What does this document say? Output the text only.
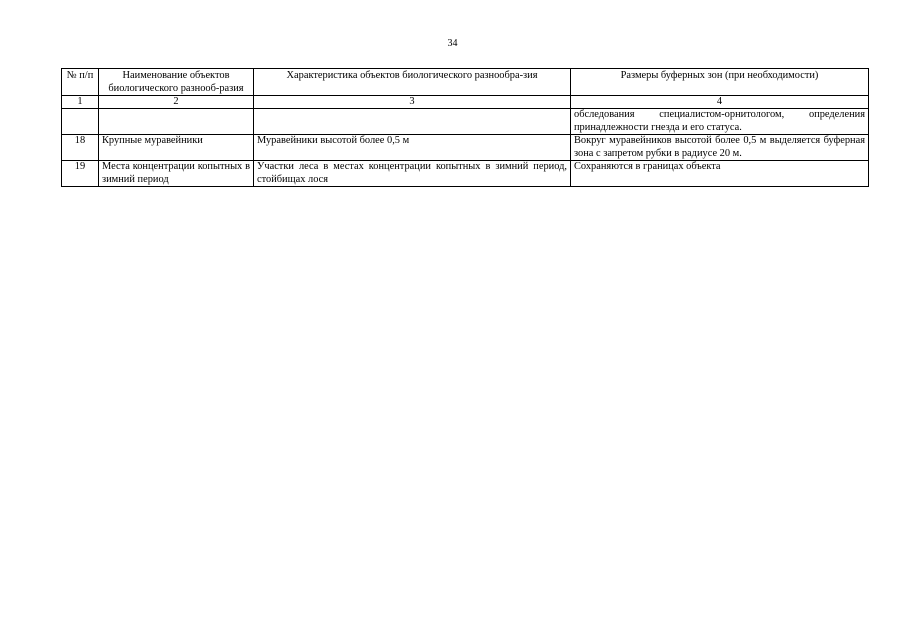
34
№ п/п	Наименование объектов биологического разнооб-разия	Характеристика объектов биологического разнообра-зия	Размеры буферных зон (при необходимости)
1	2	3	4
			обследования специалистом-орнитологом, определения принадлежности гнезда и его статуса.
18	Крупные муравейники	Муравейники высотой более 0,5 м	Вокруг муравейников высотой более 0,5 м выделяется буферная зона с запретом рубки в радиусе 20 м.
19	Места концентрации копытных в зимний период	Участки леса в местах концентрации копытных в зимний период, стойбищах лося	Сохраняются в границах объекта
